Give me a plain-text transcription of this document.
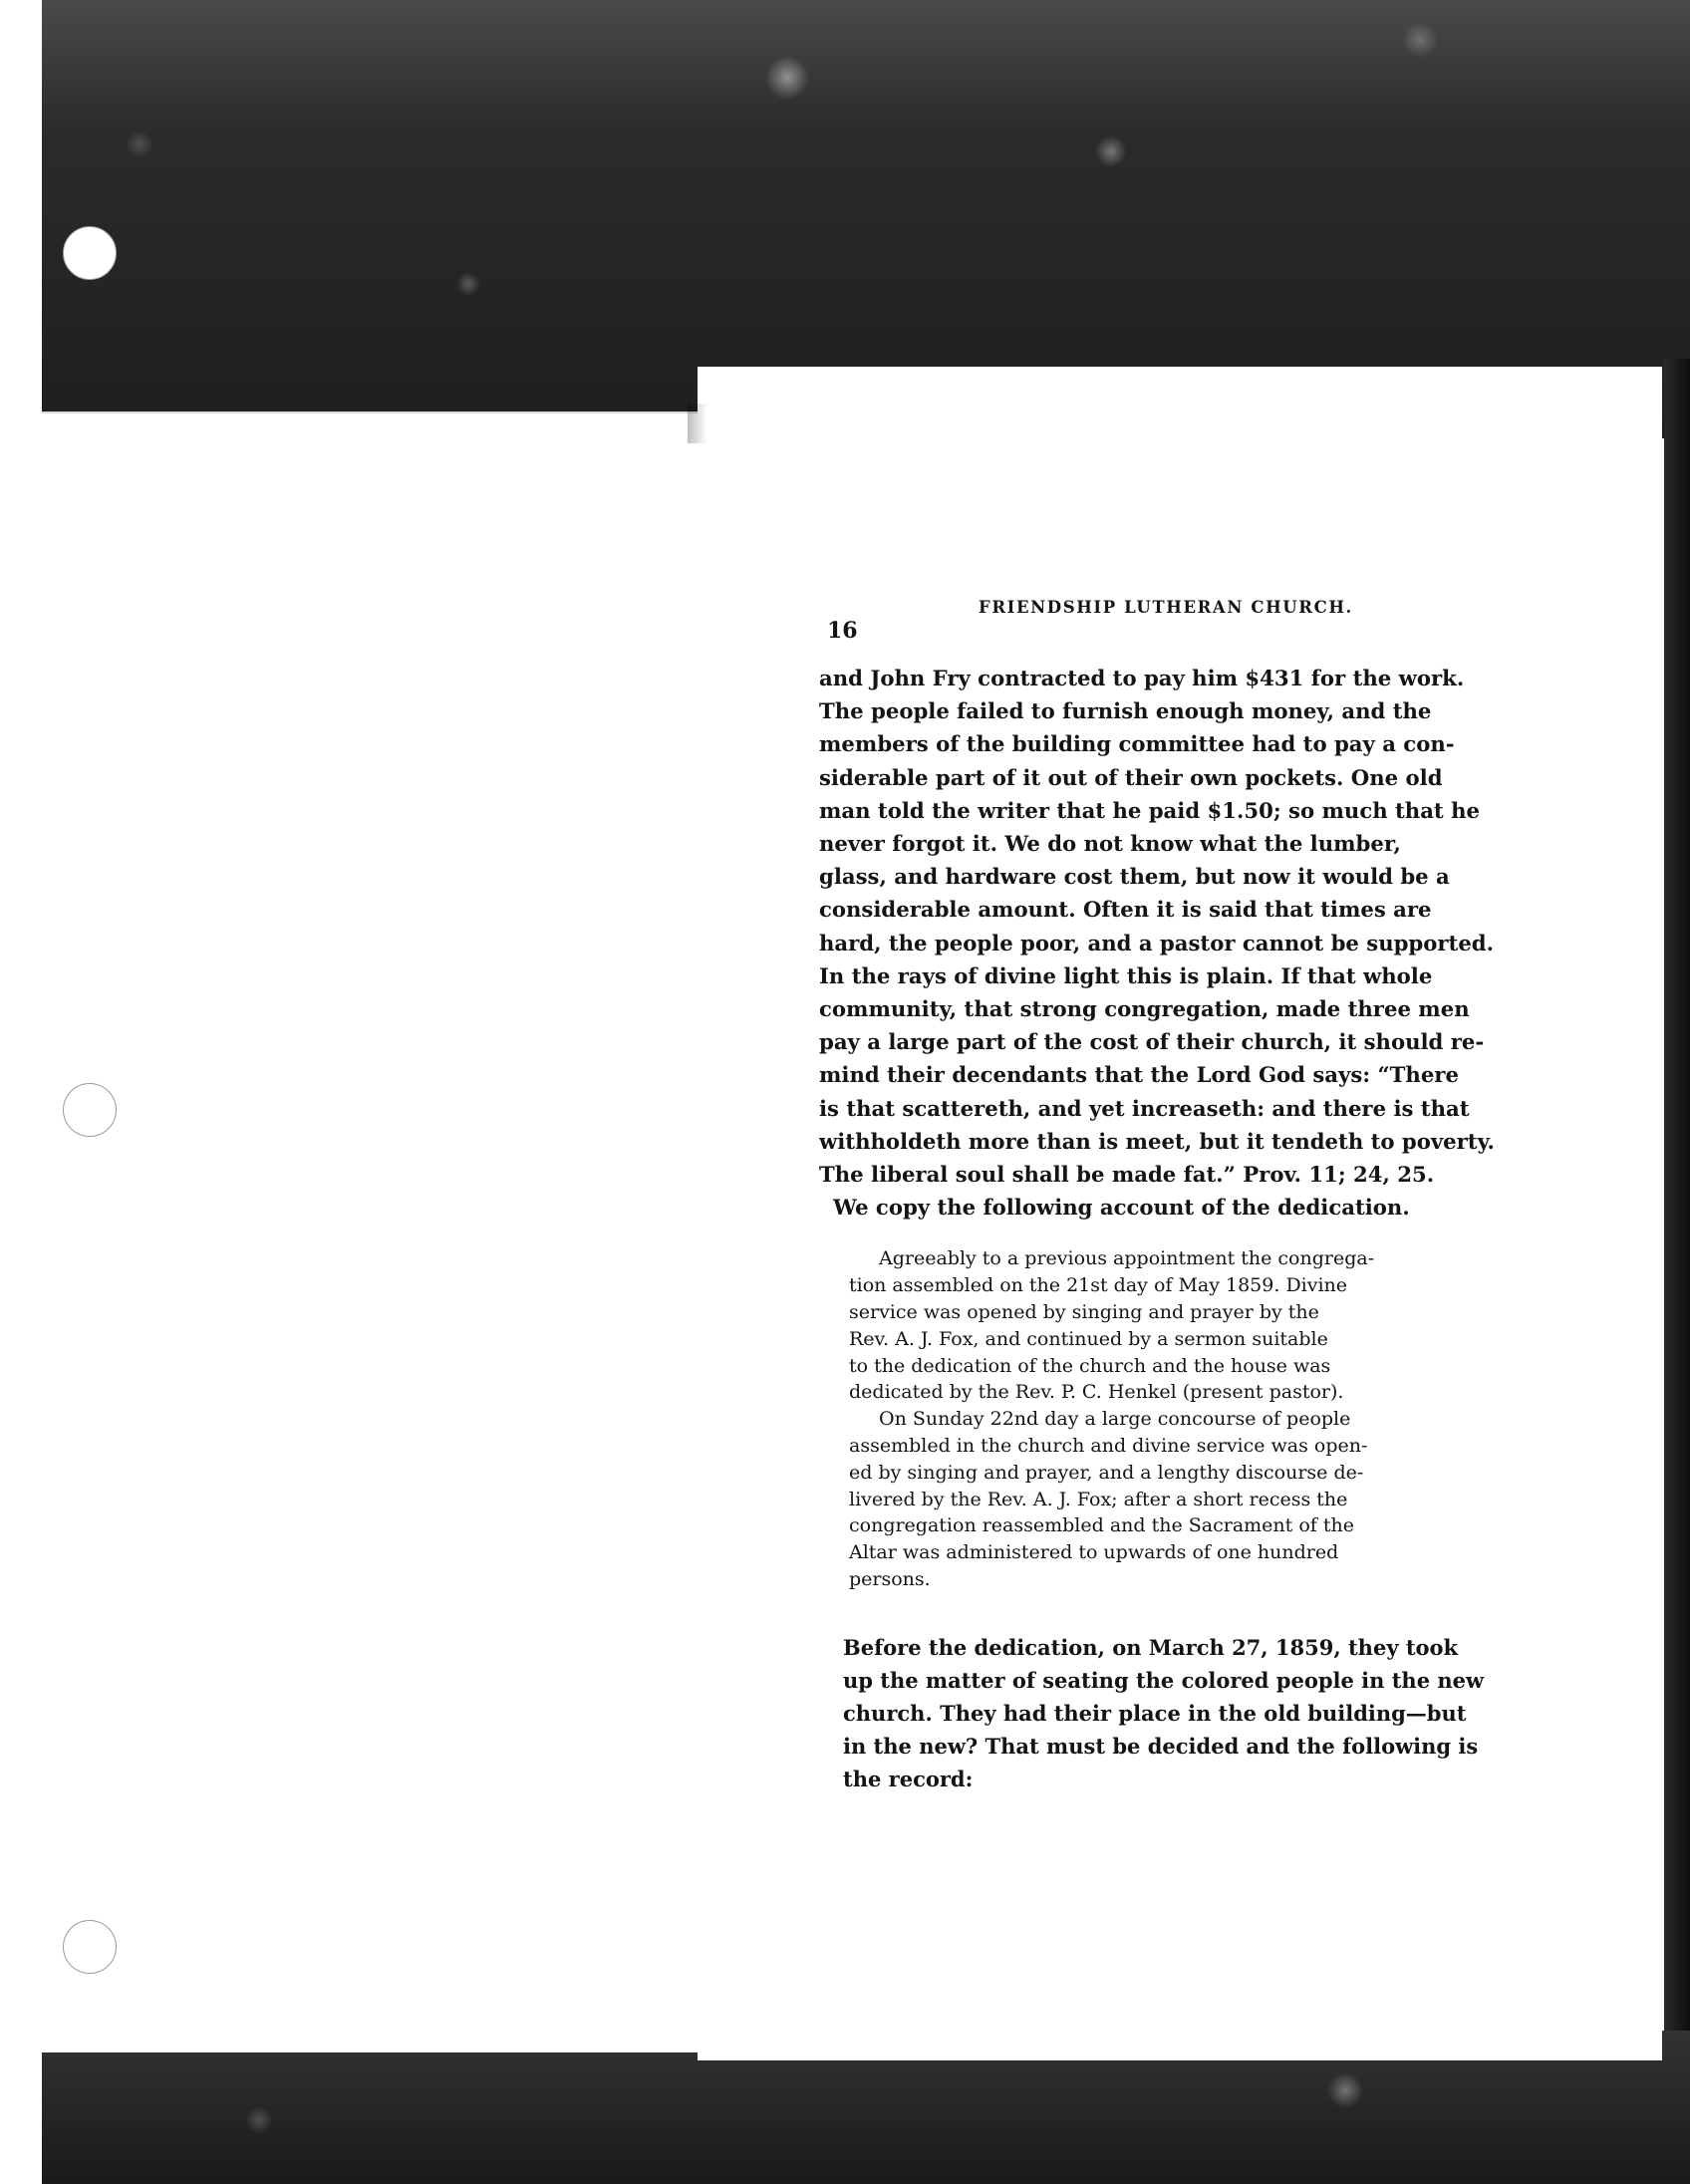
16
FRIENDSHIP LUTHERAN CHURCH.
and John Fry contracted to pay him $431 for the work.
The people failed to furnish enough money, and the
members of the building committee had to pay a con-
siderable part of it out of their own pockets. One old
man told the writer that he paid $1.50; so much that he
never forgot it. We do not know what the lumber,
glass, and hardware cost them, but now it would be a
considerable amount. Often it is said that times are
hard, the people poor, and a pastor cannot be supported.
In the rays of divine light this is plain. If that whole
community, that strong congregation, made three men
pay a large part of the cost of their church, it should re-
mind their decendants that the Lord God says: “There
is that scattereth, and yet increaseth: and there is that
withholdeth more than is meet, but it tendeth to poverty.
The liberal soul shall be made fat.” Prov. 11; 24, 25.
We copy the following account of the dedication.
Agreeably to a previous appointment the congrega-
tion assembled on the 21st day of May 1859. Divine
service was opened by singing and prayer by the
Rev. A. J. Fox, and continued by a sermon suitable
to the dedication of the church and the house was
dedicated by the Rev. P. C. Henkel (present pastor).
On Sunday 22nd day a large concourse of people
assembled in the church and divine service was open-
ed by singing and prayer, and a lengthy discourse de-
livered by the Rev. A. J. Fox; after a short recess the
congregation reassembled and the Sacrament of the
Altar was administered to upwards of one hundred
persons.
Before the dedication, on March 27, 1859, they took
up the matter of seating the colored people in the new
church. They had their place in the old building—but
in the new? That must be decided and the following is
the record:
